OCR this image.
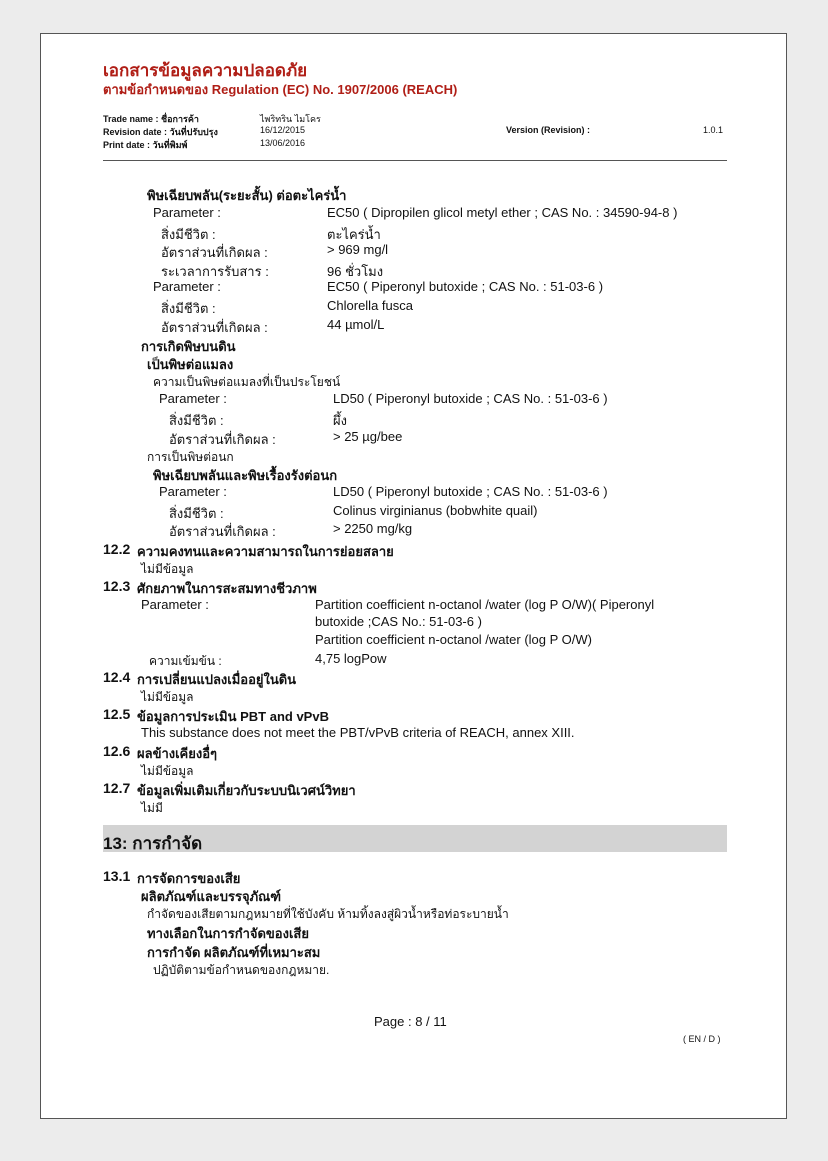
เอกสารข้อมูลความปลอดภัย
ตามข้อกำหนดของ Regulation (EC) No. 1907/2006 (REACH)
Trade name : ชื่อการค้า	ไพริทริน ไมโคร
Revision date : วันที่ปรับปรุง	16/12/2015
Print date : วันที่พิมพ์	13/06/2016
Version (Revision) :	1.0.1
พิษเฉียบพลัน(ระยะสั้น) ต่อตะไคร่น้ำ
Parameter :	EC50 ( Dipropilen glicol metyl ether ; CAS No. : 34590-94-8 )
สิ่งมีชีวิต :	ตะไคร่น้ำ
อัตราส่วนที่เกิดผล :	> 969 mg/l
ระเวลาการรับสาร :	96 ชั่วโมง
Parameter :	EC50 ( Piperonyl butoxide ; CAS No. : 51-03-6 )
สิ่งมีชีวิต :	Chlorella fusca
อัตราส่วนที่เกิดผล :	44 µmol/L
การเกิดพิษบนดิน
เป็นพิษต่อแมลง
ความเป็นพิษต่อแมลงที่เป็นประโยชน์
Parameter :	LD50 ( Piperonyl butoxide ; CAS No. : 51-03-6 )
สิ่งมีชีวิต :	ผึ้ง
อัตราส่วนที่เกิดผล :	> 25 µg/bee
การเป็นพิษต่อนก
พิษเฉียบพลันและพิษเรื้องรังต่อนก
Parameter :	LD50 ( Piperonyl butoxide ; CAS No. : 51-03-6 )
สิ่งมีชีวิต :	Colinus virginianus (bobwhite quail)
อัตราส่วนที่เกิดผล :	> 2250 mg/kg
12.2 ความคงทนและความสามารถในการย่อยสลาย
ไม่มีข้อมูล
12.3 ศักยภาพในการสะสมทางชีวภาพ
Parameter :	Partition coefficient n-octanol /water (log P O/W)( Piperonyl
butoxide ;CAS No.: 51-03-6 )
Partition coefficient n-octanol /water (log P O/W)
ความเข้มข้น :	4,75 logPow
12.4 การเปลี่ยนแปลงเมื่ออยู่ในดิน
ไม่มีข้อมูล
12.5 ข้อมูลการประเมิน PBT and vPvB
This substance does not meet the PBT/vPvB criteria of REACH, annex XIII.
12.6 ผลข้างเคียงอื่ๆ
ไม่มีข้อมูล
12.7 ข้อมูลเพิ่มเติมเกี่ยวกับระบบนิเวศน์วิทยา
ไม่มี
13: การกำจัด
13.1 การจัดการของเสีย
ผลิตภัณฑ์และบรรจุภัณฑ์
กำจัดของเสียตามกฎหมายที่ใช้บังคับ ห้ามทิ้งลงสู่ผิวน้ำหรือท่อระบายน้ำ
ทางเลือกในการกำจัดของเสีย
การกำจัด ผลิตภัณฑ์ที่เหมาะสม
ปฏิบัติตามข้อกำหนดของกฎหมาย.
Page : 8 / 11
( EN / D )
